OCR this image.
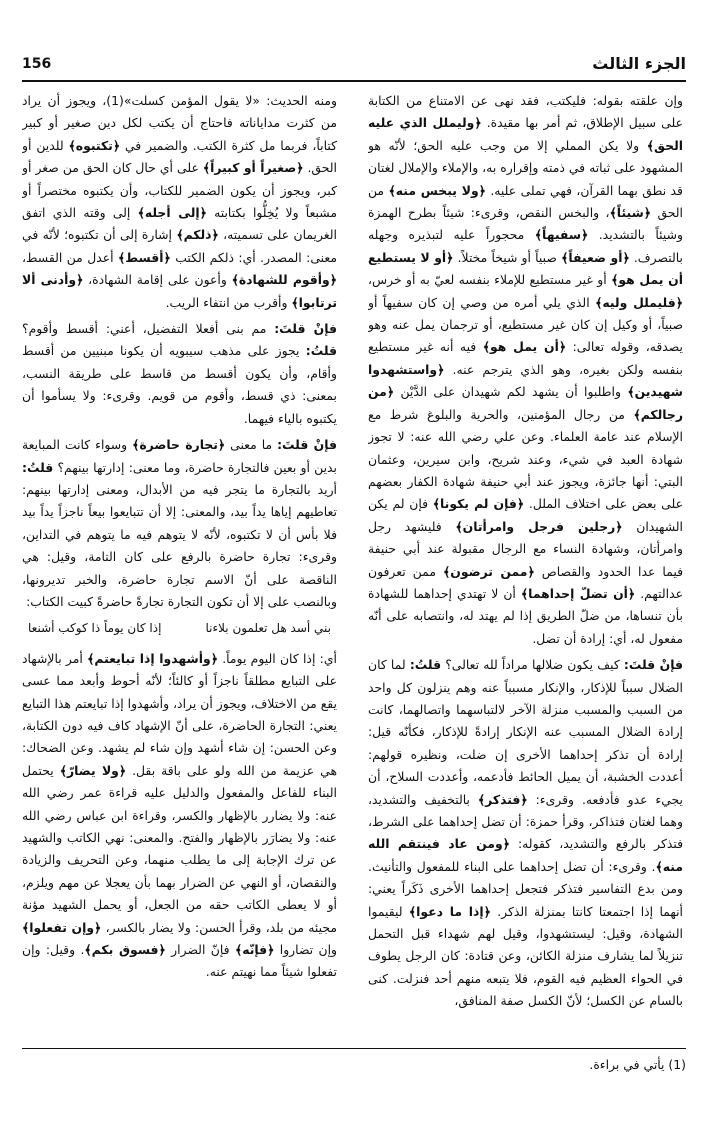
156	الجزء الثالث

وإن علقته بقوله: فليكتب، فقد نهى عن الامتناع من الكتابة على سبيل الإطلاق، ثم أمر بها مقيدة. ﴿وليملل الذي عليه الحق﴾ ولا يكن المملي إلا من وجب عليه الحق؛ لأنّه هو المشهود على ثباته في ذمته وإقراره به، والإملاء والإملال لغتان قد نطق بهما القرآن، فهي تملى عليه. ﴿ولا يبخس منه﴾ من الحق ﴿شيئاً﴾، والبخس النقص، وقرىء: شيئاً بطرح الهمزة وشيئاً بالتشديد. ﴿سفيهاً﴾ محجوراً عليه لتبذيره وجهله بالتصرف. ﴿أو ضعيفاً﴾ صبياً أو شيخاً مختلاً. ﴿أو لا يستطيع أن يمل هو﴾ أو غير مستطيع للإملاء بنفسه لعيّ به أو خرس، ﴿فليملل وليه﴾ الذي يلي أمره من وصي إن كان سفيهاً أو صبياً، أو وكيل إن كان غير مستطيع، أو ترجمان يمل عنه وهو يصدقه، وقوله تعالى: ﴿أن يمل هو﴾ فيه أنه غير مستطيع بنفسه ولكن بغيره، وهو الذي يترجم عنه. ﴿واستشهدوا شهيدين﴾ واطلبوا أن يشهد لكم شهيدان على الدَّيْن ﴿من رجالكم﴾ من رجال المؤمنين، والحرية والبلوغ شرط مع الإسلام عند عامة العلماء. وعن علي رضي الله عنه: لا تجوز شهادة العبد في شيء، وعند شريح، وابن سيرين، وعثمان البتي: أنها جائزة، ويجوز عند أبي حنيفة شهادة الكفار بعضهم على بعض على اختلاف الملل. ﴿فإن لم يكونا﴾ فإن لم يكن الشهيدان ﴿رجلين فرجل وامرأتان﴾ فليشهد رجل وامرأتان، وشهادة النساء مع الرجال مقبولة عند أبي حنيفة فيما عدا الحدود والقصاص ﴿ممن ترضون﴾ ممن تعرفون عدالتهم. ﴿أن تضلّ إحداهما﴾ أن لا تهتدي إحداهما للشهادة بأن تنساها، من ضلّ الطريق إذا لم يهتد له، وانتصابه على أنّه مفعول له، أي: إرادة أن تضل.

فإنْ قلتَ: كيف يكون ضلالها مراداً لله تعالى؟ قلتُ: لما كان الضلال سبباً للإذكار، والإنكار مسبباً عنه وهم ينزلون كل واحد من السبب والمسبب منزلة الآخر لالتباسهما واتصالهما، كانت إرادة الضلال المسبب عنه الإنكار إرادةً للإذكار، فكأنّه قيل: إرادة أن تذكر إحداهما الأخرى إن ضلت، ونظيره قولهم: أعددت الخشبة، أن يميل الحائط فأدعمه، وأعددت السلاح، أن يجيء عدو فأدفعه. وقرىء: ﴿فتذكر﴾ بالتخفيف والتشديد، وهما لغتان فتذاكر، وقرأ حمزة: أن تضل إحداهما على الشرط، فتذكر بالرفع والتشديد، كقوله: ﴿ومن عاد فينتقم الله منه﴾. وقرىء: أن تضل إحداهما على البناء للمفعول والتأنيث. ومن بدع التفاسير فتذكر فتجعل إحداهما الأخرى ذَكَراً يعني: أنهما إذا اجتمعتا كانتا بمنزلة الذكر. ﴿إذا ما دعوا﴾ ليقيموا الشهادة، وقيل: ليستشهدوا، وقيل لهم شهداء قبل التحمل تنزيلاً لما يشارف منزلة الكائن، وعن قتادة: كان الرجل يطوف في الحواء العظيم فيه القوم، فلا يتبعه منهم أحد فنزلت. كنى بالسام عن الكسل؛ لأنّ الكسل صفة المنافق،

ومنه الحديث: «لا يقول المؤمن كسلت»(1)، ويجوز أن يراد من كثرت مداياناته فاحتاج أن يكتب لكل دين صغير أو كبير كتاباً، فربما مل كثرة الكتب. والضمير في ﴿تكتبوه﴾ للدين أو الحق. ﴿صغيراً أو كبيراً﴾ على أي حال كان الحق من صغر أو كبر، ويجوز أن يكون الضمير للكتاب، وأن يكتبوه مختصراً أو مشبعاً ولا يُخِلُّوا بكتابته ﴿إلى أجله﴾ إلى وقته الذي اتفق الغريمان على تسميته، ﴿ذلكم﴾ إشارة إلى أن تكتبوه؛ لأنّه في معنى: المصدر. أي: ذلكم الكتب ﴿أقسط﴾ أعدل من القسط، ﴿وأقوم للشهادة﴾ وأعون على إقامة الشهادة، ﴿وأدنى ألا ترتابوا﴾ وأقرب من انتفاء الريب.

فإنْ قلتَ: مم بنى أفعلا التفضيل، أعني: أقسط وأقوم؟ قلتُ: يجوز على مذهب سيبويه أن يكونا مبنيين من أقسط وأقام، وأن يكون أقسط من قاسط على طريقة النسب، بمعنى: ذي قسط، وأقوم من قويم. وقرىء: ولا يسأموا أن يكتبوه بالياء فيهما.

فإنْ قلتَ: ما معنى ﴿تجارة حاضرة﴾ وسواء كانت المبايعة بدين أو بعين فالتجارة حاضرة، وما معنى: إدارتها بينهم؟ قلتُ: أريد بالتجارة ما يتجر فيه من الأبدال، ومعنى إدارتها بينهم: تعاطيهم إياها يداً بيد، والمعنى: إلا أن تتبايعوا بيعاً ناجزاً يداً بيد فلا بأس أن لا تكتبوه، لأنّه لا يتوهم فيه ما يتوهم في التداين، وقرىء: تجارة حاضرة بالرفع على كان التامة، وقيل: هي الناقصة على أنّ الاسم تجارة حاضرة، والخبر تديرونها، وبالنصب على إلا أن تكون التجارة تجارةً حاضرةً كبيت الكتاب:

بني أسد هل تعلمون بلاءنا
إذا كان يوماً ذا كوكب أشنعا

أي: إذا كان اليوم يوماً. ﴿وأشهدوا إذا تبايعتم﴾ أمر بالإشهاد على التبايع مطلقاً ناجزاً أو كالئاً؛ لأنّه أحوط وأبعد مما عسى يقع من الاختلاف، ويجوز أن يراد، وأشهدوا إذا تبايعتم هذا التبايع يعني: التجارة الحاضرة، على أنّ الإشهاد كاف فيه دون الكتابة، وعن الحسن: إن شاء أشهد وإن شاء لم يشهد. وعن الضحاك: هي عزيمة من الله ولو على باقة بقل. ﴿ولا يضارّ﴾ يحتمل البناء للفاعل والمفعول والدليل عليه قراءة عمر رضي الله عنه: ولا يضارر بالإظهار والكسر، وقراءة ابن عباس رضي الله عنه: ولا يضارَر بالإظهار والفتح. والمعنى: نهي الكاتب والشهيد عن ترك الإجابة إلى ما يطلب منهما، وعن التحريف والزيادة والنقصان، أو النهي عن الضرار بهما بأن يعجلا عن مهم ويلزم، أو لا يعطى الكاتب حقه من الجعل، أو يحمل الشهيد مؤنة مجيئه من بلد، وقرأ الحسن: ولا يضار بالكسر، ﴿وإن تفعلوا﴾ وإن تضاروا ﴿فإنّه﴾ فإنّ الضرار ﴿فسوق بكم﴾. وقيل: وإن تفعلوا شيئاً مما نهيتم عنه.

(1) يأتي في براءة.
